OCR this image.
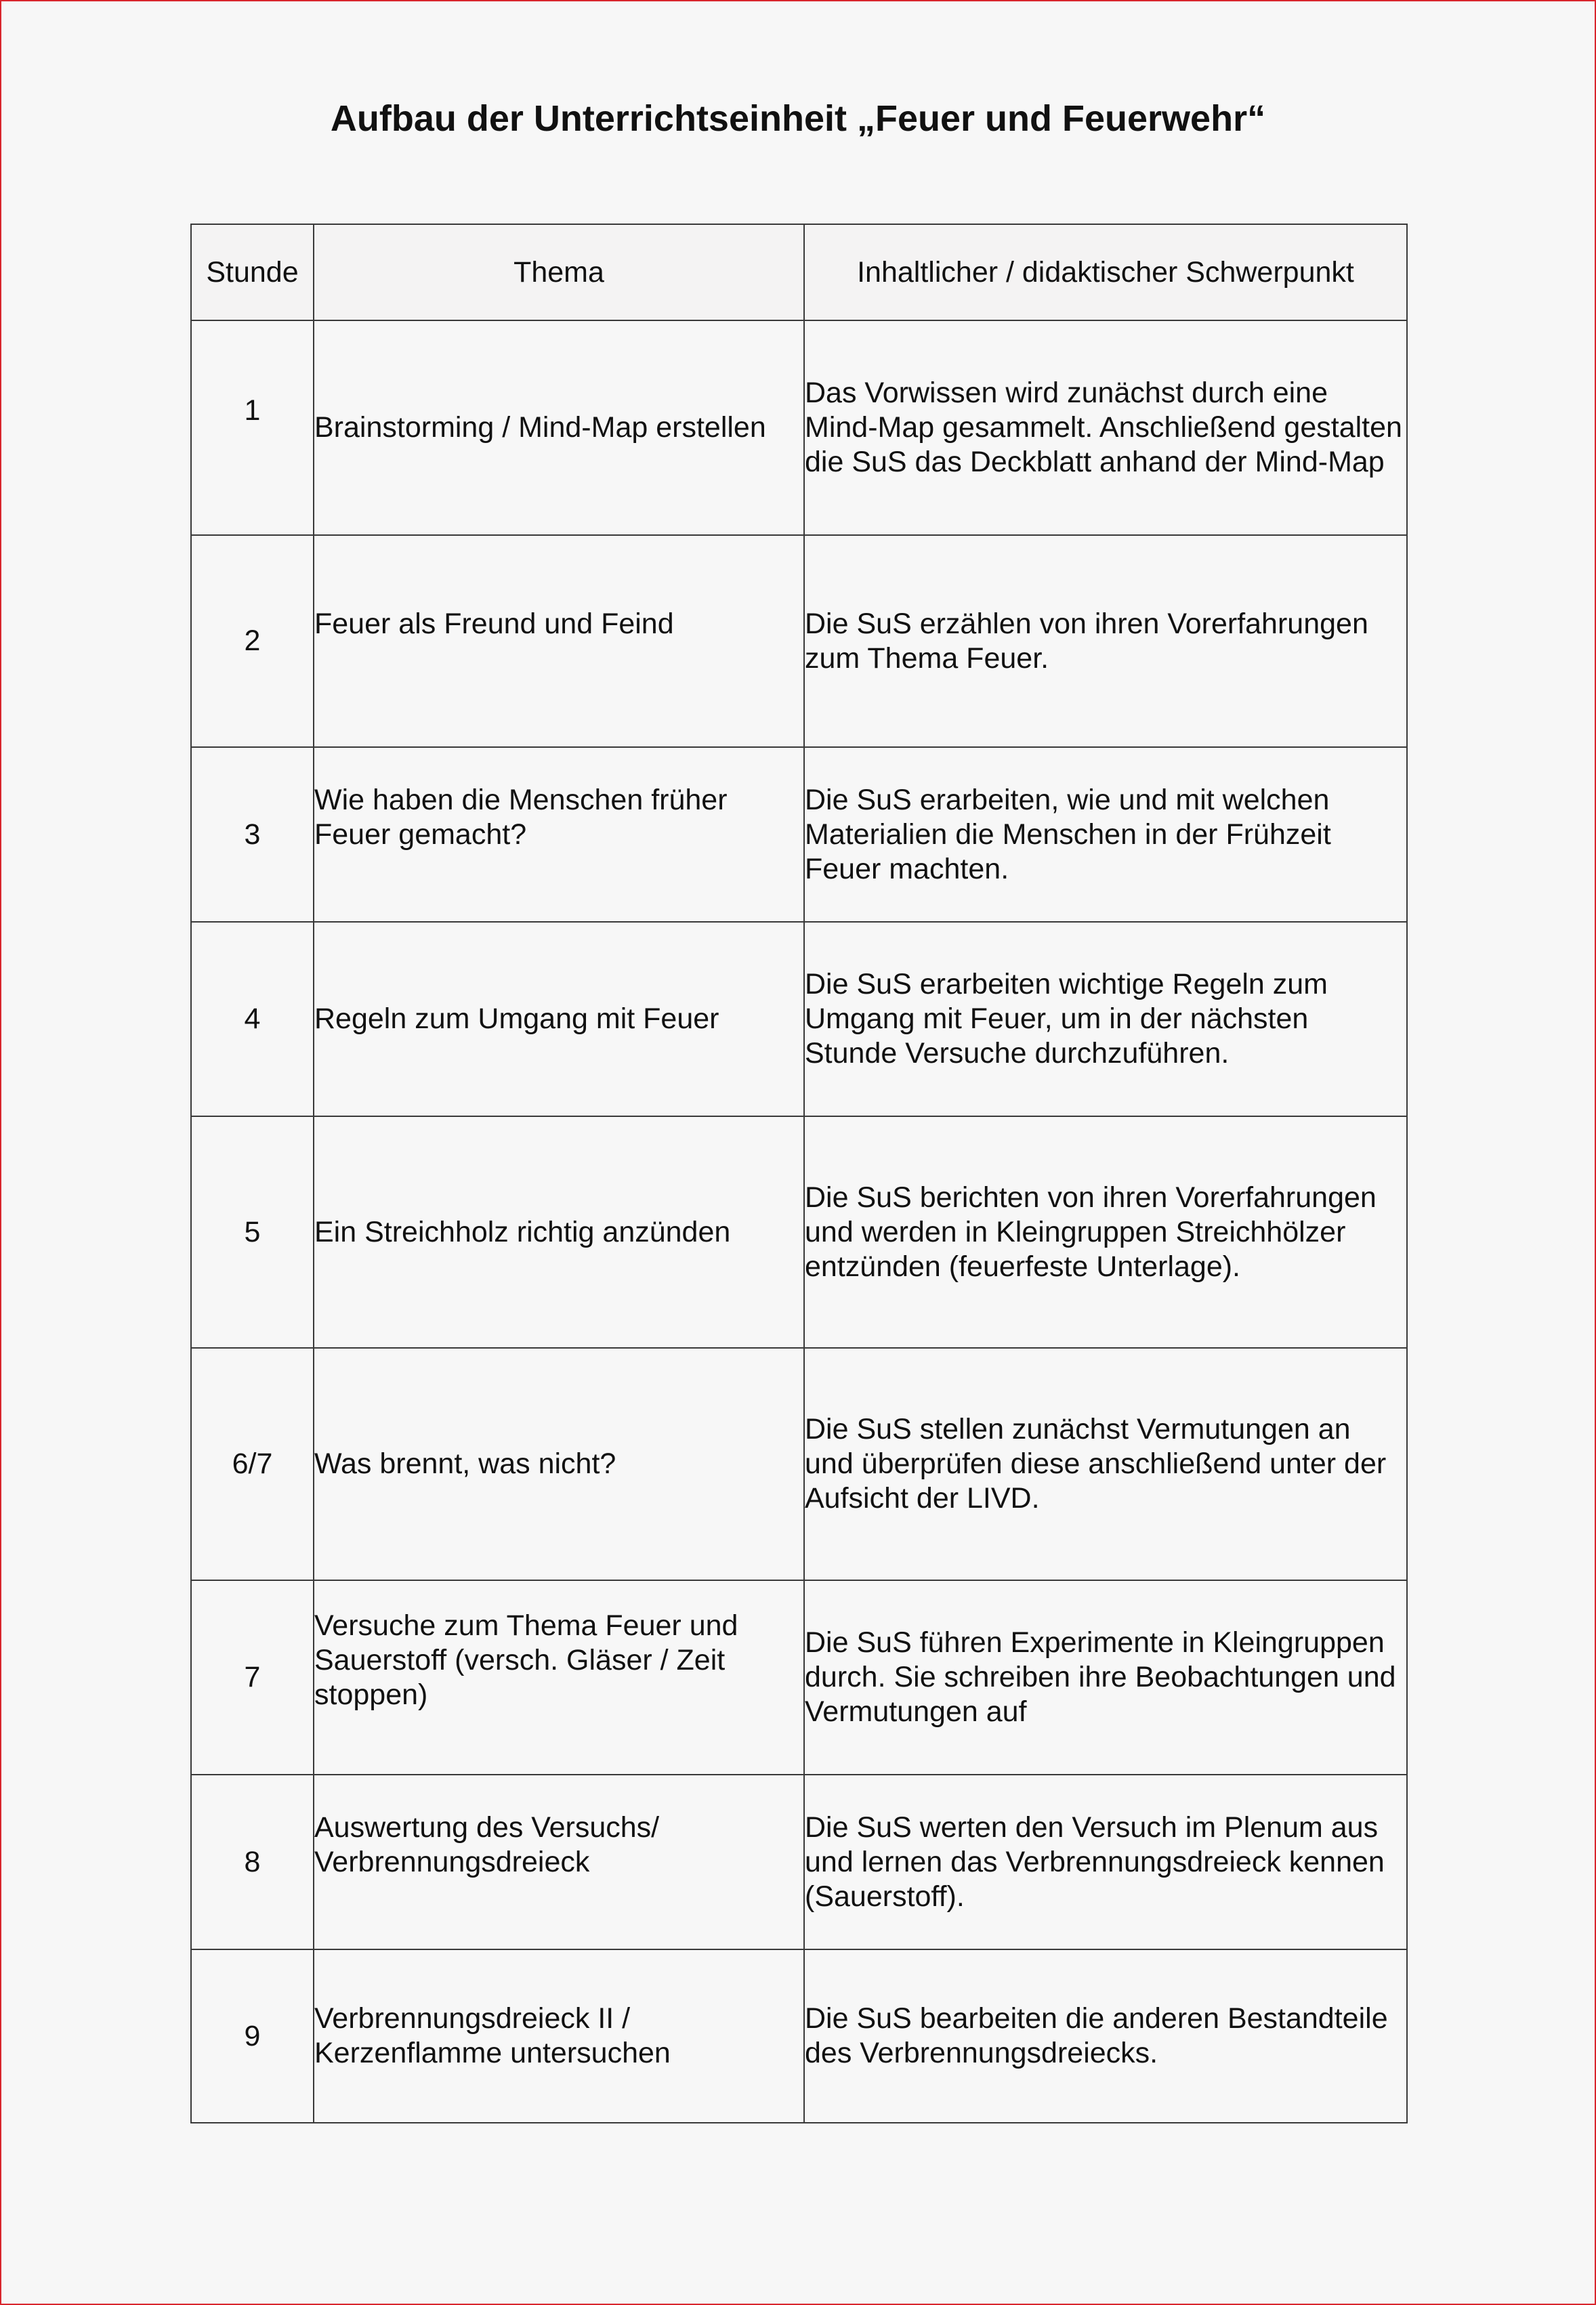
Aufbau der Unterrichtseinheit „Feuer und Feuerwehr“
Stunde	Thema	Inhaltlicher / didaktischer Schwerpunkt

1	Brainstorming / Mind-Map erstellen	Das Vorwissen wird zunächst durch eine Mind-Map gesammelt. Anschließend gestalten die SuS das Deckblatt anhand der Mind-Map

2	Feuer als Freund und Feind	Die SuS erzählen von ihren Vorerfahrungen zum Thema Feuer.

3	Wie haben die Menschen früher Feuer gemacht?	Die SuS erarbeiten, wie und mit welchen Materialien die Menschen in der Frühzeit Feuer machten.

4	Regeln zum Umgang mit Feuer	Die SuS erarbeiten wichtige Regeln zum Umgang mit Feuer, um in der nächsten Stunde Versuche durchzuführen.

5	Ein Streichholz richtig anzünden	Die SuS berichten von ihren Vorerfahrungen und werden in Kleingruppen Streichhölzer entzünden (feuerfeste Unterlage).

6/7	Was brennt, was nicht?	Die SuS stellen zunächst Vermutungen an und überprüfen diese anschließend unter der Aufsicht der LIVD.

7	Versuche zum Thema Feuer und Sauerstoff (versch. Gläser / Zeit stoppen)	Die SuS führen Experimente in Kleingruppen durch. Sie schreiben ihre Beobachtungen und Vermutungen auf

8	Auswertung des Versuchs/ Verbrennungsdreieck	Die SuS werten den Versuch im Plenum aus und lernen das Verbrennungsdreieck kennen (Sauerstoff).

9	Verbrennungsdreieck II / Kerzenflamme untersuchen	Die SuS bearbeiten die anderen Bestandteile des Verbrennungsdreiecks.
